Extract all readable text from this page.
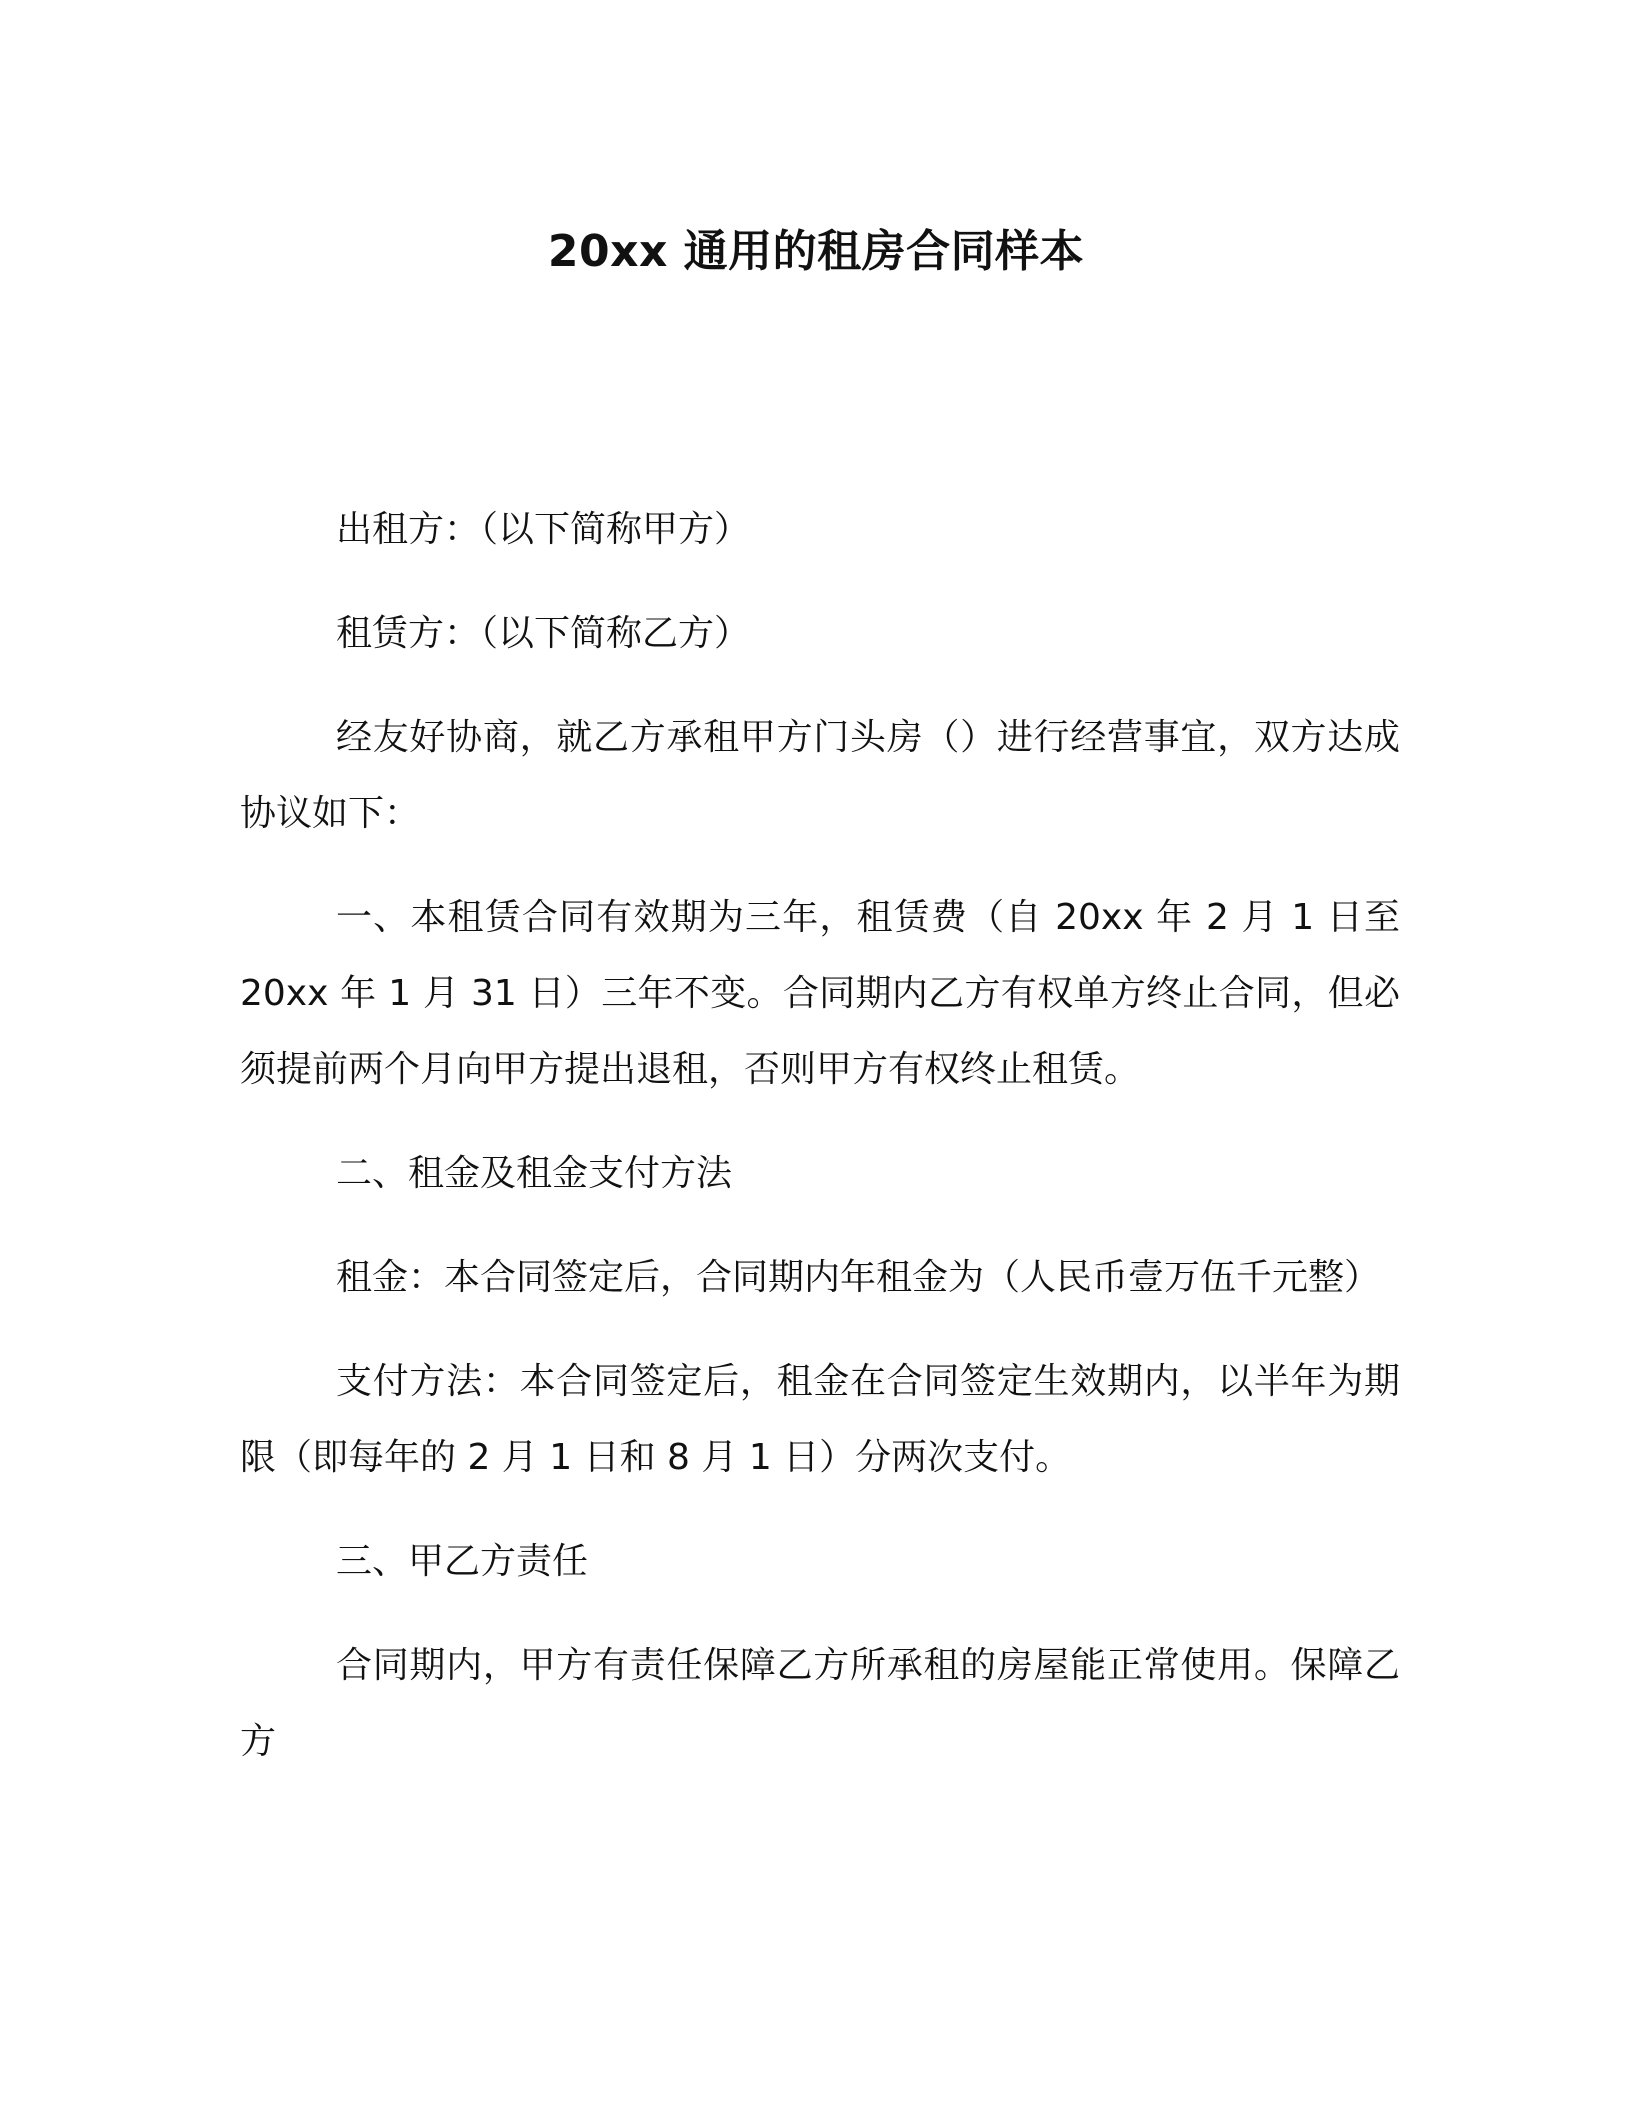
20xx 通用的租房合同样本

出租方：（以下简称甲方）

租赁方：（以下简称乙方）

经友好协商，就乙方承租甲方门头房（）进行经营事宜，双方达成协议如下：

一、本租赁合同有效期为三年，租赁费（自 20xx 年 2 月 1 日至 20xx 年 1 月 31 日）三年不变。合同期内乙方有权单方终止合同，但必须提前两个月向甲方提出退租，否则甲方有权终止租赁。

二、租金及租金支付方法

租金：本合同签定后，合同期内年租金为（人民币壹万伍千元整）

支付方法：本合同签定后，租金在合同签定生效期内，以半年为期限（即每年的 2 月 1 日和 8 月 1 日）分两次支付。

三、甲乙方责任

合同期内，甲方有责任保障乙方所承租的房屋能正常使用。保障乙方
